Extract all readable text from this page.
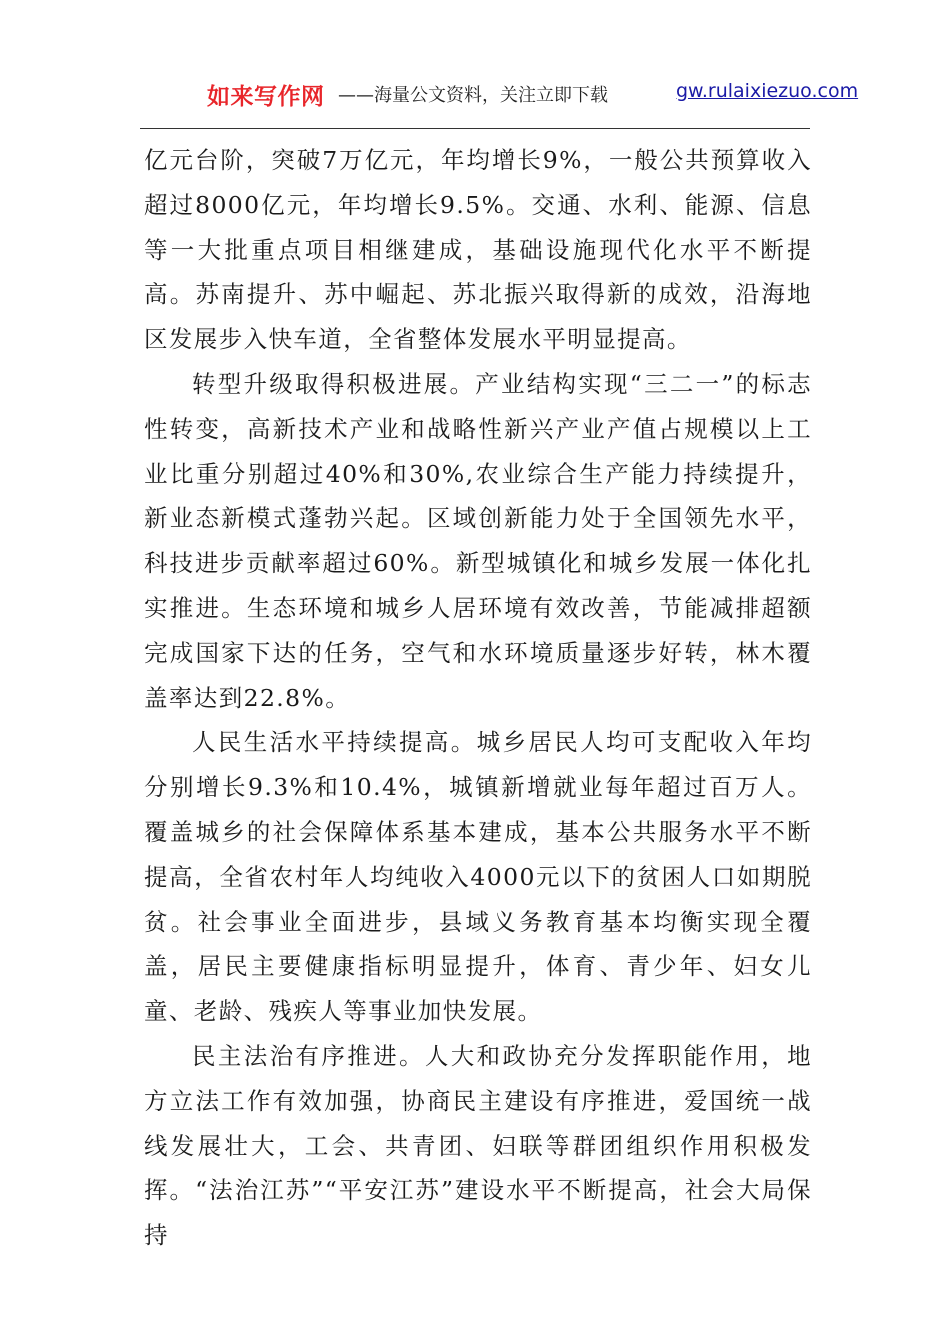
如来写作网 ——海量公文资料，关注立即下载	gw.rulaixiezuo.com

亿元台阶，突破7万亿元，年均增长9%，一般公共预算收入超过8000亿元，年均增长9.5%。交通、水利、能源、信息等一大批重点项目相继建成，基础设施现代化水平不断提高。苏南提升、苏中崛起、苏北振兴取得新的成效，沿海地区发展步入快车道，全省整体发展水平明显提高。

转型升级取得积极进展。产业结构实现“三二一”的标志性转变，高新技术产业和战略性新兴产业产值占规模以上工业比重分别超过40%和30%,农业综合生产能力持续提升，新业态新模式蓬勃兴起。区域创新能力处于全国领先水平，科技进步贡献率超过60%。新型城镇化和城乡发展一体化扎实推进。生态环境和城乡人居环境有效改善，节能减排超额完成国家下达的任务，空气和水环境质量逐步好转，林木覆盖率达到22.8%。

人民生活水平持续提高。城乡居民人均可支配收入年均分别增长9.3%和10.4%，城镇新增就业每年超过百万人。覆盖城乡的社会保障体系基本建成，基本公共服务水平不断提高，全省农村年人均纯收入4000元以下的贫困人口如期脱贫。社会事业全面进步，县域义务教育基本均衡实现全覆盖，居民主要健康指标明显提升，体育、青少年、妇女儿童、老龄、残疾人等事业加快发展。

民主法治有序推进。人大和政协充分发挥职能作用，地方立法工作有效加强，协商民主建设有序推进，爱国统一战线发展壮大，工会、共青团、妇联等群团组织作用积极发挥。“法治江苏”“平安江苏”建设水平不断提高，社会大局保持
